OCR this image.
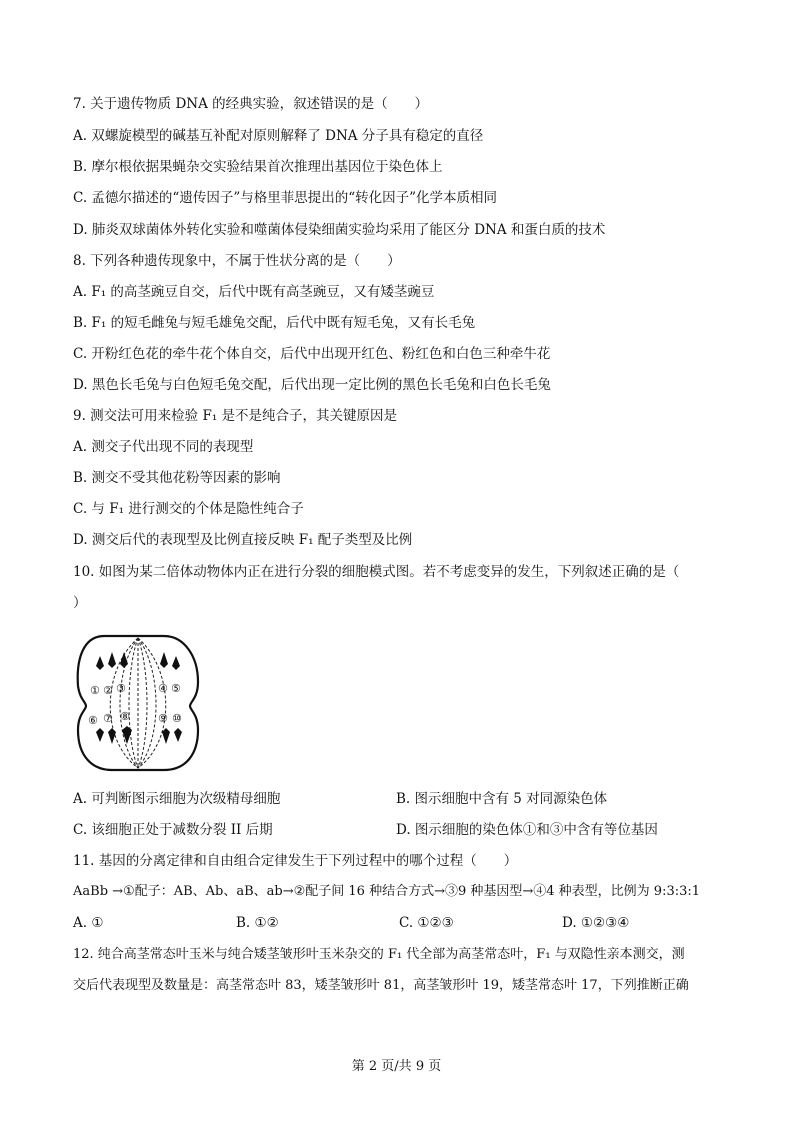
7. 关于遗传物质 DNA 的经典实验，叙述错误的是（　　）
A. 双螺旋模型的碱基互补配对原则解释了 DNA 分子具有稳定的直径
B. 摩尔根依据果蝇杂交实验结果首次推理出基因位于染色体上
C. 孟德尔描述的“遗传因子”与格里菲思提出的“转化因子”化学本质相同
D. 肺炎双球菌体外转化实验和噬菌体侵染细菌实验均采用了能区分 DNA 和蛋白质的技术
8. 下列各种遗传现象中，不属于性状分离的是（　　）
A. F₁ 的高茎豌豆自交，后代中既有高茎豌豆，又有矮茎豌豆
B. F₁ 的短毛雌兔与短毛雄兔交配，后代中既有短毛兔，又有长毛兔
C. 开粉红色花的牵牛花个体自交，后代中出现开红色、粉红色和白色三种牵牛花
D. 黑色长毛兔与白色短毛兔交配，后代出现一定比例的黑色长毛兔和白色长毛兔
9. 测交法可用来检验 F₁ 是不是纯合子，其关键原因是
A. 测交子代出现不同的表现型
B. 测交不受其他花粉等因素的影响
C. 与 F₁ 进行测交的个体是隐性纯合子
D. 测交后代的表现型及比例直接反映 F₁ 配子类型及比例
10. 如图为某二倍体动物体内正在进行分裂的细胞模式图。若不考虑变异的发生，下列叙述正确的是（
）
① ② ③	④ ⑤
⑥ ⑦ ⑧	⑨ ⑩
A. 可判断图示细胞为次级精母细胞	B. 图示细胞中含有 5 对同源染色体
C. 该细胞正处于减数分裂 II 后期	D. 图示细胞的染色体①和③中含有等位基因
11. 基因的分离定律和自由组合定律发生于下列过程中的哪个过程（　　）
AaBb →①配子：AB、Ab、aB、ab→②配子间 16 种结合方式→③9 种基因型→④4 种表型，比例为 9:3:3:1
A. ①	B. ①②	C. ①②③	D. ①②③④
12. 纯合高茎常态叶玉米与纯合矮茎皱形叶玉米杂交的 F₁ 代全部为高茎常态叶，F₁ 与双隐性亲本测交，测
交后代表现型及数量是：高茎常态叶 83，矮茎皱形叶 81，高茎皱形叶 19，矮茎常态叶 17，下列推断正确
第 2 页/共 9 页
